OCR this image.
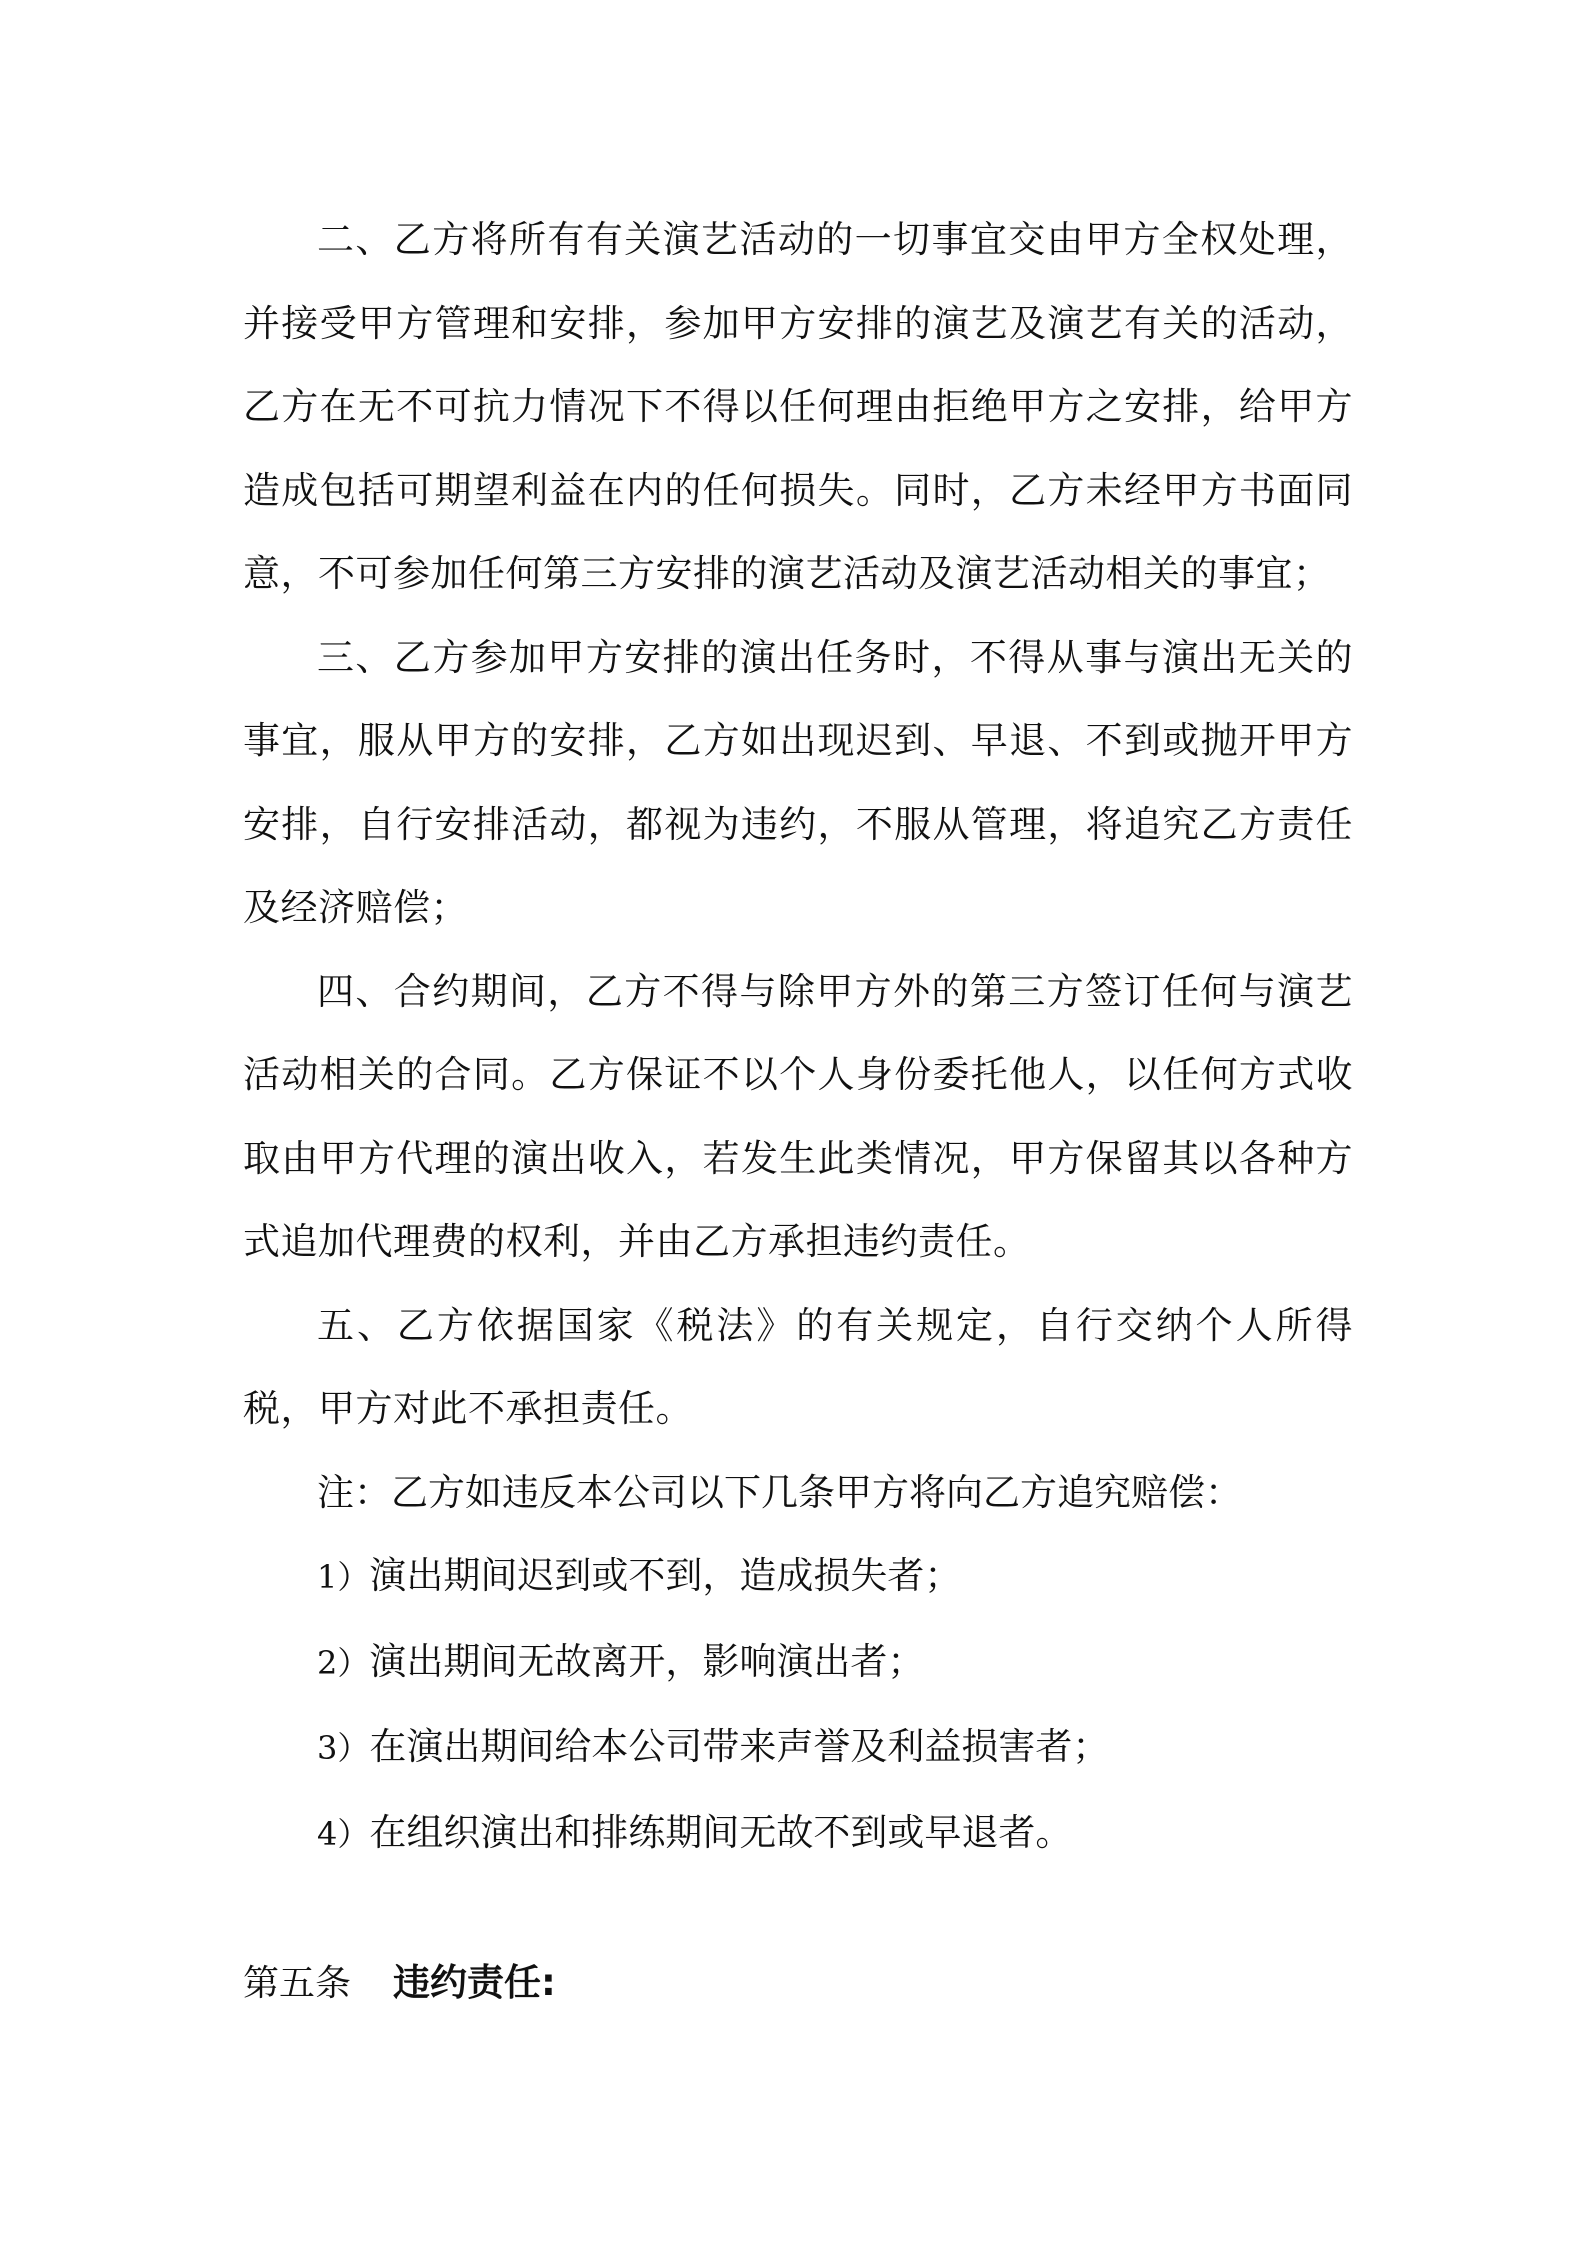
二、乙方将所有有关演艺活动的一切事宜交由甲方全权处理，并接受甲方管理和安排，参加甲方安排的演艺及演艺有关的活动，乙方在无不可抗力情况下不得以任何理由拒绝甲方之安排，给甲方造成包括可期望利益在内的任何损失。同时，乙方未经甲方书面同意，不可参加任何第三方安排的演艺活动及演艺活动相关的事宜；

三、乙方参加甲方安排的演出任务时，不得从事与演出无关的事宜，服从甲方的安排，乙方如出现迟到、早退、不到或抛开甲方安排，自行安排活动，都视为违约，不服从管理，将追究乙方责任及经济赔偿；

四、合约期间，乙方不得与除甲方外的第三方签订任何与演艺活动相关的合同。乙方保证不以个人身份委托他人，以任何方式收取由甲方代理的演出收入，若发生此类情况，甲方保留其以各种方式追加代理费的权利，并由乙方承担违约责任。

五、乙方依据国家《税法》的有关规定，自行交纳个人所得税，甲方对此不承担责任。

注：乙方如违反本公司以下几条甲方将向乙方追究赔偿：

1）演出期间迟到或不到，造成损失者；

2）演出期间无故离开，影响演出者；

3）在演出期间给本公司带来声誉及利益损害者；

4）在组织演出和排练期间无故不到或早退者。

第五条 违约责任:
